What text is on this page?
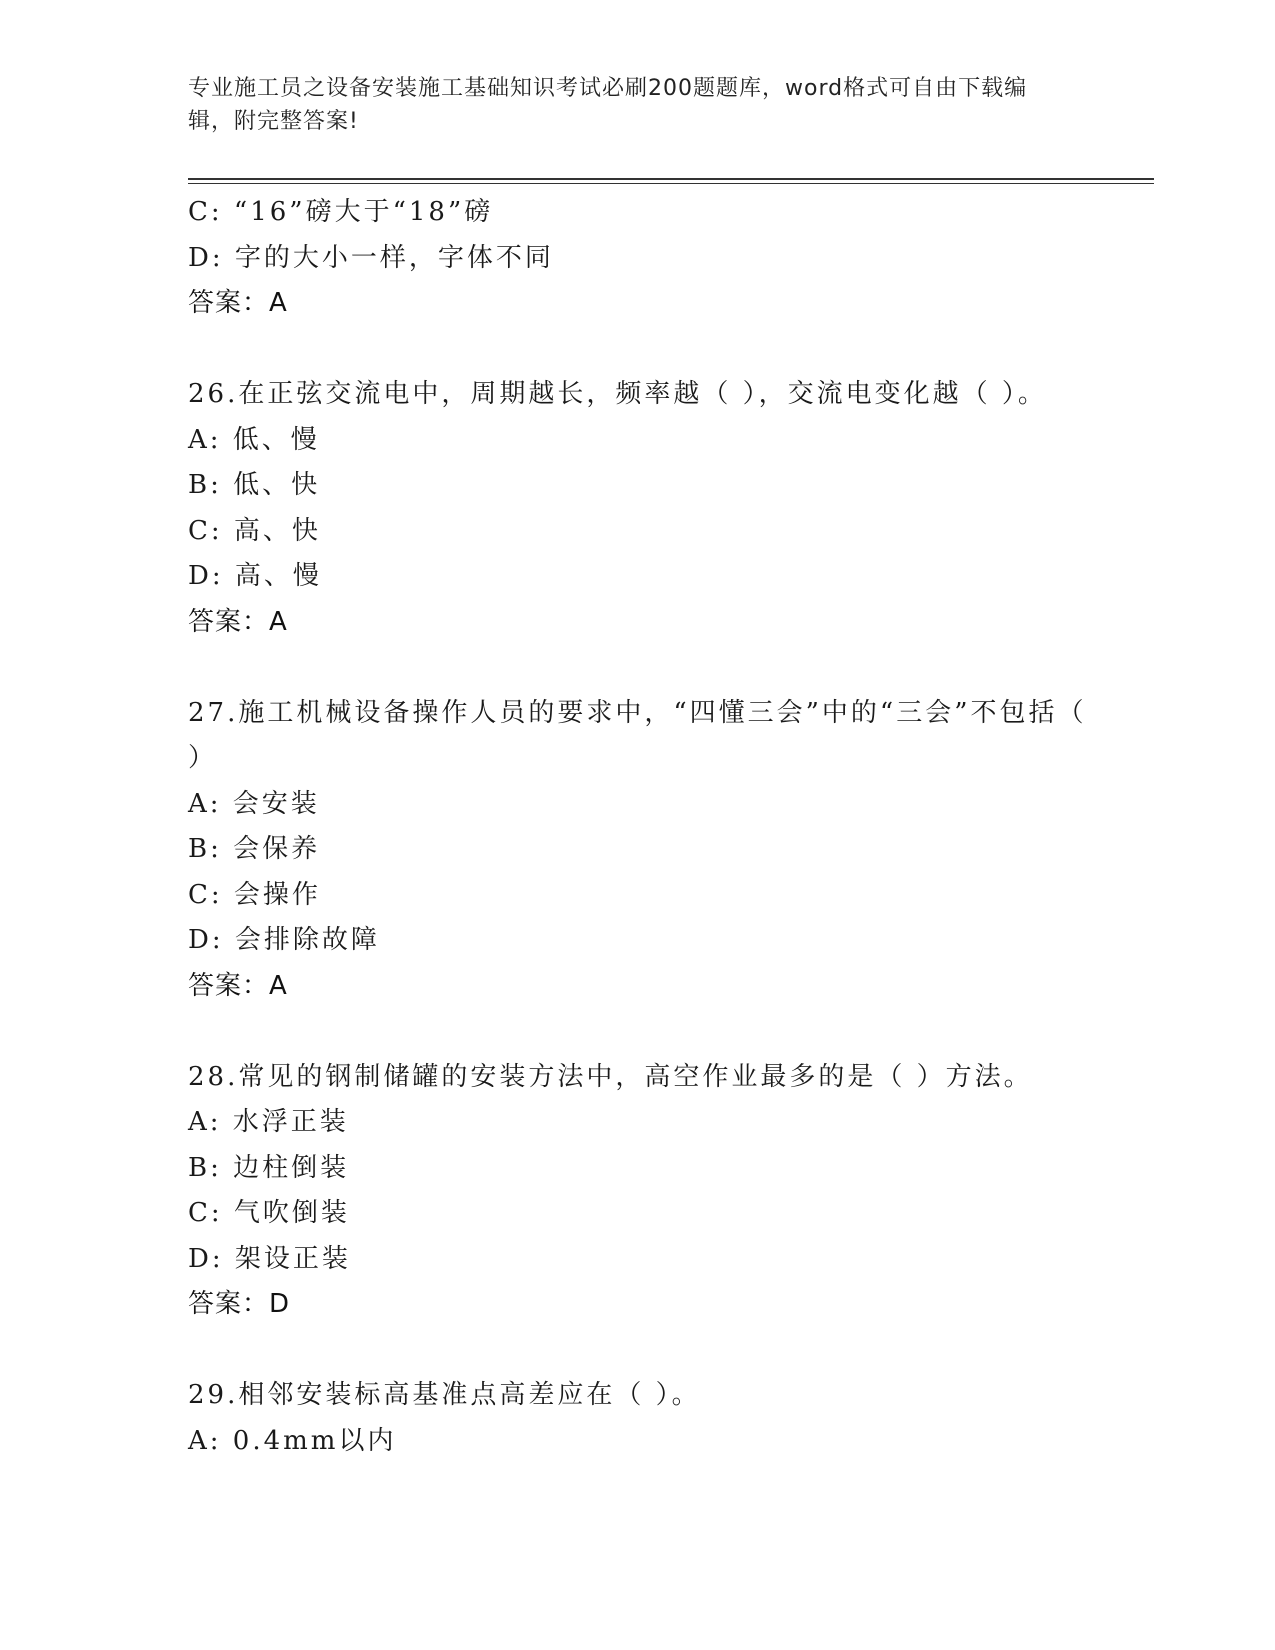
专业施工员之设备安装施工基础知识考试必刷200题题库，word格式可自由下载编辑，附完整答案!
C: “16”磅大于“18”磅
D: 字的大小一样，字体不同
答案：A
26.在正弦交流电中，周期越长，频率越（ ），交流电变化越（ ）。
A: 低、慢
B: 低、快
C: 高、快
D: 高、慢
答案：A
27.施工机械设备操作人员的要求中，“四懂三会”中的“三会”不包括（ ）
A: 会安装
B: 会保养
C: 会操作
D: 会排除故障
答案：A
28.常见的钢制储罐的安装方法中，高空作业最多的是（ ）方法。
A: 水浮正装
B: 边柱倒装
C: 气吹倒装
D: 架设正装
答案：D
29.相邻安装标高基准点高差应在（ ）。
A: 0.4mm以内
